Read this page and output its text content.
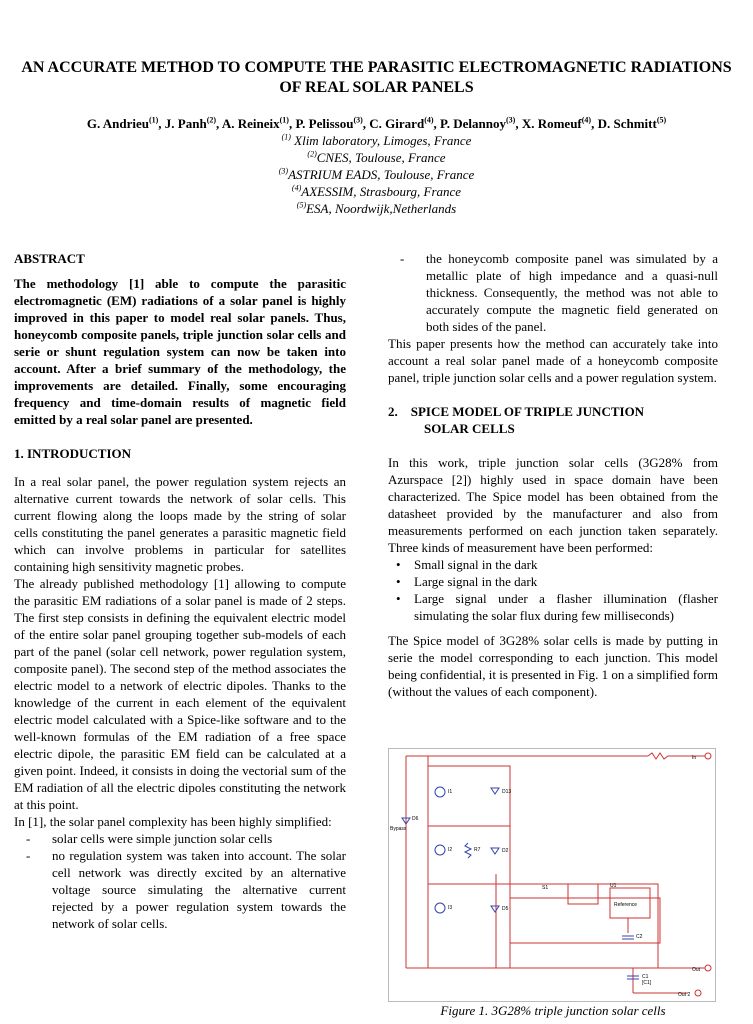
AN ACCURATE METHOD TO COMPUTE THE PARASITIC ELECTROMAGNETIC RADIATIONS OF REAL SOLAR PANELS
G. Andrieu$^{(1)}$, J. Panh$^{(2)}$, A. Reineix$^{(1)}$, P. Pelissou$^{(3)}$, C. Girard$^{(4)}$, P. Delannoy$^{(3)}$, X. Romeuf$^{(4)}$, D. Schmitt$^{(5)}$
$^{(1)}$ Xlim laboratory, Limoges, France
$^{(2)}$CNES, Toulouse, France
$^{(3)}$ASTRIUM EADS, Toulouse, France
$^{(4)}$AXESSIM, Strasbourg, France
$^{(5)}$ESA, Noordwijk,Netherlands

ABSTRACT

The methodology [1] able to compute the parasitic electromagnetic (EM) radiations of a solar panel is highly improved in this paper to model real solar panels. Thus, honeycomb composite panels, triple junction solar cells and serie or shunt regulation system can now be taken into account. After a brief summary of the methodology, the improvements are detailed. Finally, some encouraging frequency and time-domain results of magnetic field emitted by a real solar panel are presented.

1. INTRODUCTION

In a real solar panel, the power regulation system rejects an alternative current towards the network of solar cells. This current flowing along the loops made by the string of solar cells constituting the panel generates a parasitic magnetic field which can involve problems in particular for satellites containing high sensitivity magnetic probes.

The already published methodology [1] allowing to compute the parasitic EM radiations of a solar panel is made of 2 steps. The first step consists in defining the equivalent electric model of the entire solar panel grouping together sub-models of each part of the panel (solar cell network, power regulation system, composite panel). The second step of the method associates the electric model to a network of electric dipoles. Thanks to the knowledge of the current in each element of the equivalent electric model calculated with a Spice-like software and to the well-known formulas of the EM radiation of a free space electric dipole, the parasitic EM field can be calculated at a given point. Indeed, it consists in doing the vectorial sum of the EM radiation of all the electric dipoles constituting the network at this point.

In [1], the solar panel complexity has been highly simplified:

- solar cells were simple junction solar cells
- no regulation system was taken into account. The solar cell network was directly excited by an alternative voltage source simulating the alternative current rejected by a power regulation system towards the network of solar cells.
- the honeycomb composite panel was simulated by a metallic plate of high impedance and a quasi-null thickness. Consequently, the method was not able to accurately compute the magnetic field generated on both sides of the panel.

This paper presents how the method can accurately take into account a real solar panel made of a honeycomb composite panel, triple junction solar cells and a power regulation system.

2. SPICE MODEL OF TRIPLE JUNCTION
SOLAR CELLS

In this work, triple junction solar cells (3G28% from Azurspace [2]) highly used in space domain have been characterized. The Spice model has been obtained from the datasheet provided by the manufacturer and also from measurements performed on each junction taken separately. Three kinds of measurement have been performed:

• Small signal in the dark
• Large signal in the dark
• Large signal under a flasher illumination (flasher simulating the solar flux during few milliseconds)

The Spice model of 3G28% solar cells is made by putting in serie the model corresponding to each junction. This model being confidential, it is presented in Fig. 1 on a simplified form (without the values of each component).

In
Out
Out 2
Bypass
D6
I1	D13
I2	R7	D2
I3	D5
S1	U1
Reference
C2
C1
[C1]
Figure 1. 3G28% triple junction solar cells
